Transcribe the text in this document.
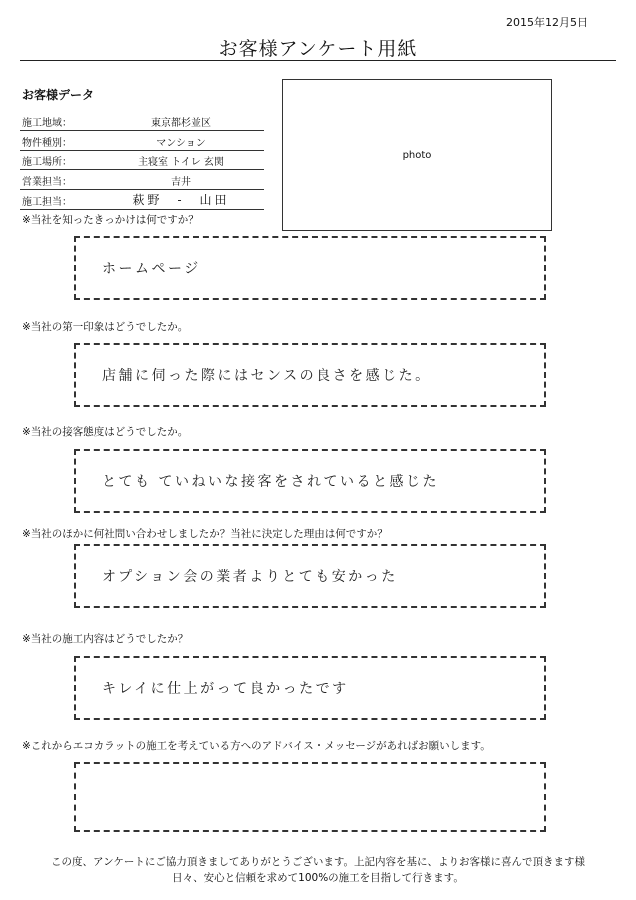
2015年12月5日
お客様アンケート用紙
お客様データ
施工地域：	東京都杉並区
物件種別：	マンション
施工場所：	主寝室 トイレ 玄関
営業担当：	吉井
施工担当：	萩野　-　山田
photo
※当社を知ったきっかけは何ですか？
ホームページ
※当社の第一印象はどうでしたか。
店舗に伺った際にはセンスの良さを感じた。
※当社の接客態度はどうでしたか。
とても ていねいな接客をされていると感じた
※当社のほかに何社問い合わせしましたか？当社に決定した理由は何ですか？
オプション会の業者よりとても安かった
※当社の施工内容はどうでしたか？
キレイに仕上がって良かったです
※これからエコカラットの施工を考えている方へのアドバイス・メッセージがあればお願いします。
この度、アンケートにご協力頂きましてありがとうございます。上記内容を基に、よりお客様に喜んで頂きます様
日々、安心と信頼を求めて100%の施工を目指して行きます。
